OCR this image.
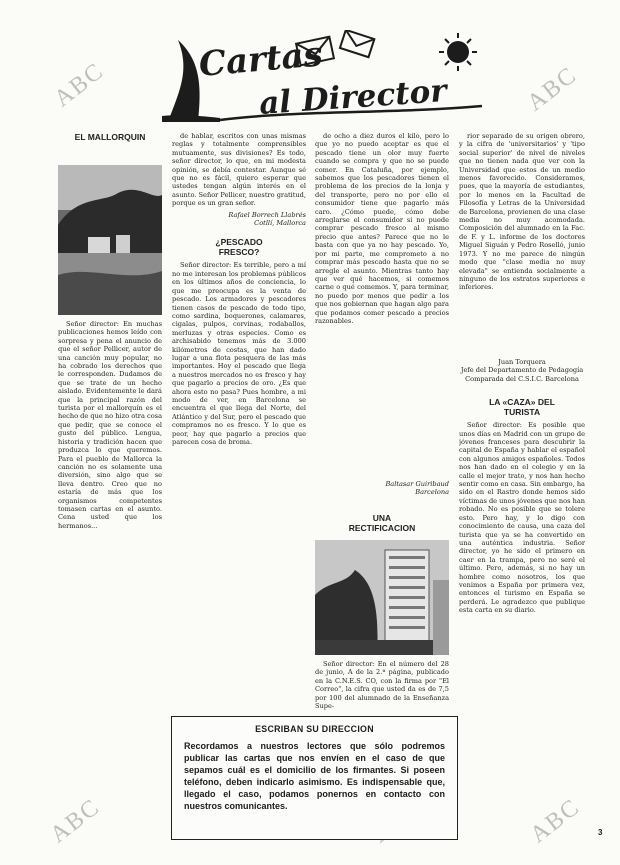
ABC	ABC
ABC	ABC
Cartas
al Director
EL MALLORQUIN

Señor director: En muchas publicaciones hemos leído con sorpresa y pena el anuncio de que el señor Pellicer, autor de una canción muy popular, no ha cobrado los derechos que le corresponden. Dudamos de que se trate de un hecho aislado. Evidentemente le dará que la principal razón del turista por el mallorquín es el hecho de que no hizo otra cosa que pedir, que se conoce el gusto del público. Lengua, historia y tradición hacen que produzca lo que queremos. Para el pueblo de Mallorca la canción no es solamente una diversión, sino algo que se lleva dentro. Creo que no estaría de más que los organismos competentes tomasen cartas en el asunto. Cena usted que los hermanos...

de hablar, escritos con unas mismas reglas y totalmente comprensibles mutuamente, sus divisiones? Es todo, señor director, lo que, en mi modesta opinión, se debía contestar. Aunque sé que no es fácil, quiero esperar que ustedes tengan algún interés en el asunto. Señor Pellicer, nuestro gratitud, porque es un gran señor.

Rafael Borrech Llabrés
Cotllí, Mallorca
¿PESCADO FRESCO?

Señor director: Es terrible, pero a mí no me interesan los problemas públicos en los últimos años de conciencia, lo que me preocupa es la venta de pescado. Los armadores y pescadores tienen casos de pescado de todo tipo, como sardina, boquerones, calamares, cigalas, pulpos, corvinas, rodaballos, merluzas y otras especies. Como es archisabido tenemos más de 3.000 kilómetros de costas, que han dado lugar a una flota pesquera de las más importantes. Hoy el pescado que llega a nuestros mercados no es fresco y hay que pagarlo a precios de oro. ¿Es que ahora esto no pasa? Pues hombre, a mi modo de ver, en Barcelona se encuentra el que llega del Norte, del Atlántico y del Sur, pero el pescado que compramos no es fresco. Y lo que es peor, hay que pagarlo a precios que parecen cosa de broma.

de ocho a diez duros el kilo, pero lo que yo no puedo aceptar es que el pescado tiene un olor muy fuerte cuando se compra y que no se puede comer. En Cataluña, por ejemplo, sabemos que los pescadores tienen el problema de los precios de la lonja y del transporte, pero no por ello el consumidor tiene que pagarlo más caro. ¿Cómo puede, cómo debe arreglarse el consumidor si no puede comprar pescado fresco al mismo precio que antes? Parece que no le basta con que ya no hay pescado. Yo, por mi parte, me comprometo a no comprar más pescado hasta que no se arregle el asunto. Mientras tanto hay que ver qué hacemos, si comemos carne o qué comemos. Y, para terminar, no puedo por menos que pedir a los que nos gobiernan que hagan algo para que podamos comer pescado a precios razonables.

Baltasar Guiribaud
Barcelona
UNA RECTIFICACION

Señor director: En el número del 28 de junio, A de la 2.ª página, publicado en la C.N.E.S. CO, con la firma por "El Correo", la cifra que usted da es de 7,5 por 100 del alumnado de la Enseñanza Supe-

rior separado de su origen obrero, y la cifra de 'universitarios' y 'tipo social superior' de nivel de niveles que no tienen nada que ver con la Universidad que estos de un medio menos favorecido. Consideramos, pues, que la mayoría de estudiantes, por lo menos en la Facultad de Filosofía y Letras de la Universidad de Barcelona, provienen de una clase media no muy acomodada. Composición del alumnado en la Fac. de F. y L. informe de los doctores Miguel Siguán y Pedro Roselló, junio 1973. Y no me parece de ningún modo que "clase media no muy elevada" se entienda socialmente a ninguno de los estratos superiores e inferiores.

Juan Torquera
Jefe del Departamento de Pedagogía Comparada del C.S.I.C. Barcelona
LA «CAZA» DEL TURISTA

Señor director: Es posible que unos días en Madrid con un grupo de jóvenes franceses para descubrir la capital de España y hablar el español con algunos amigos españoles. Todos nos han dado en el colegio y en la calle el mejor trato, y nos han hecho sentir como en casa. Sin embargo, ha sido en el Rastro donde hemos sido víctimas de unos jóvenes que nos han robado. No es posible que se tolere esto. Pero hay, y lo digo con conocimiento de causa, una caza del turista que ya se ha convertido en una auténtica industria. Señor director, yo he sido el primero en caer en la trampa, pero no seré el último. Pero, además, si no hay un hombre como nosotros, los que venimos a España por primera vez, entonces el turismo en España se perderá. Le agradezco que publique esta carta en su diario.

ESCRIBAN SU DIRECCION
Recordamos a nuestros lectores que sólo podremos publicar las cartas que nos envíen en el caso de que sepamos cuál es el domicilio de los firmantes. Si poseen teléfono, deben indicarlo asimismo. Es indispensable que, llegado el caso, podamos ponernos en contacto con nuestros comunicantes.
3
